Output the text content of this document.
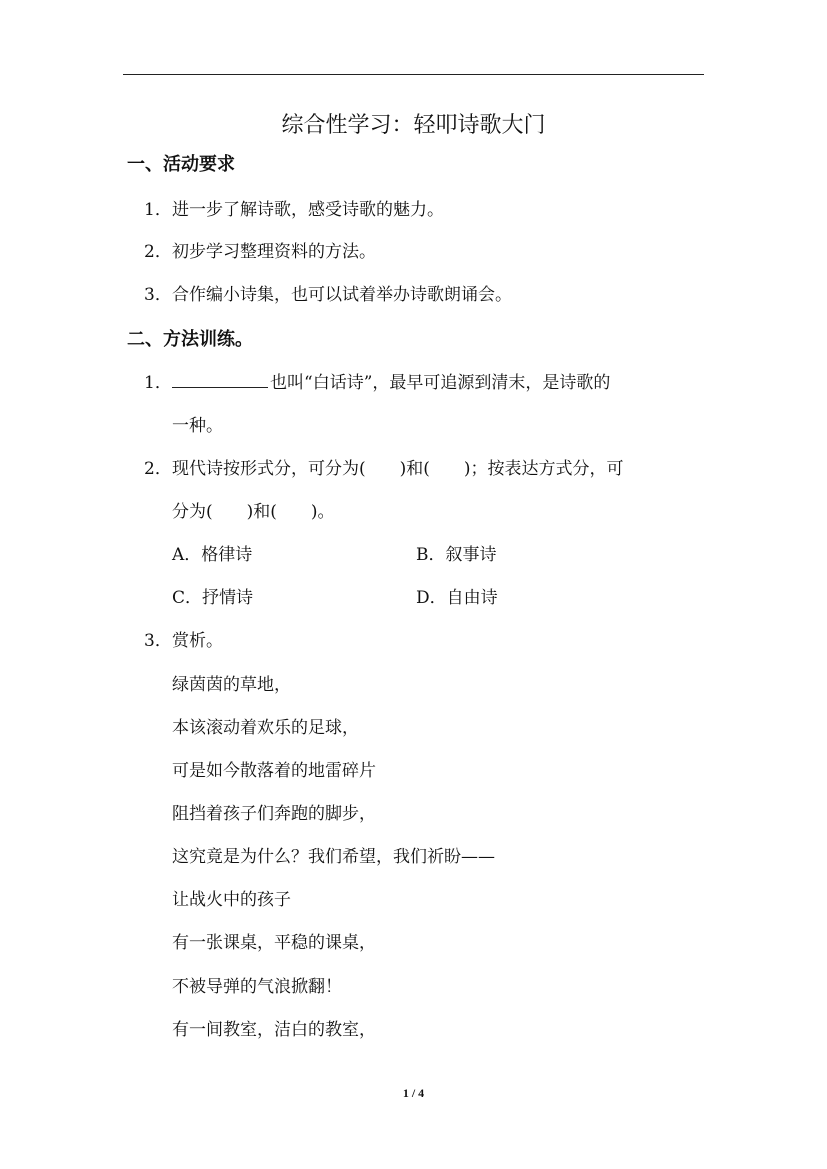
综合性学习：轻叩诗歌大门
一、活动要求
1．进一步了解诗歌，感受诗歌的魅力。
2．初步学习整理资料的方法。
3．合作编小诗集，也可以试着举办诗歌朗诵会。
二、方法训练。
1．	也叫“白话诗”，最早可追源到清末，是诗歌的
一种。
2．现代诗按形式分，可分为(　　)和(　　)；按表达方式分，可
分为(　　)和(　　)。
A．格律诗	B．叙事诗
C．抒情诗	D．自由诗
3．赏析。
绿茵茵的草地，
本该滚动着欢乐的足球，
可是如今散落着的地雷碎片
阻挡着孩子们奔跑的脚步，
这究竟是为什么？我们希望，我们祈盼——
让战火中的孩子
有一张课桌，平稳的课桌，
不被导弹的气浪掀翻！
有一间教室，洁白的教室，
1 / 4
